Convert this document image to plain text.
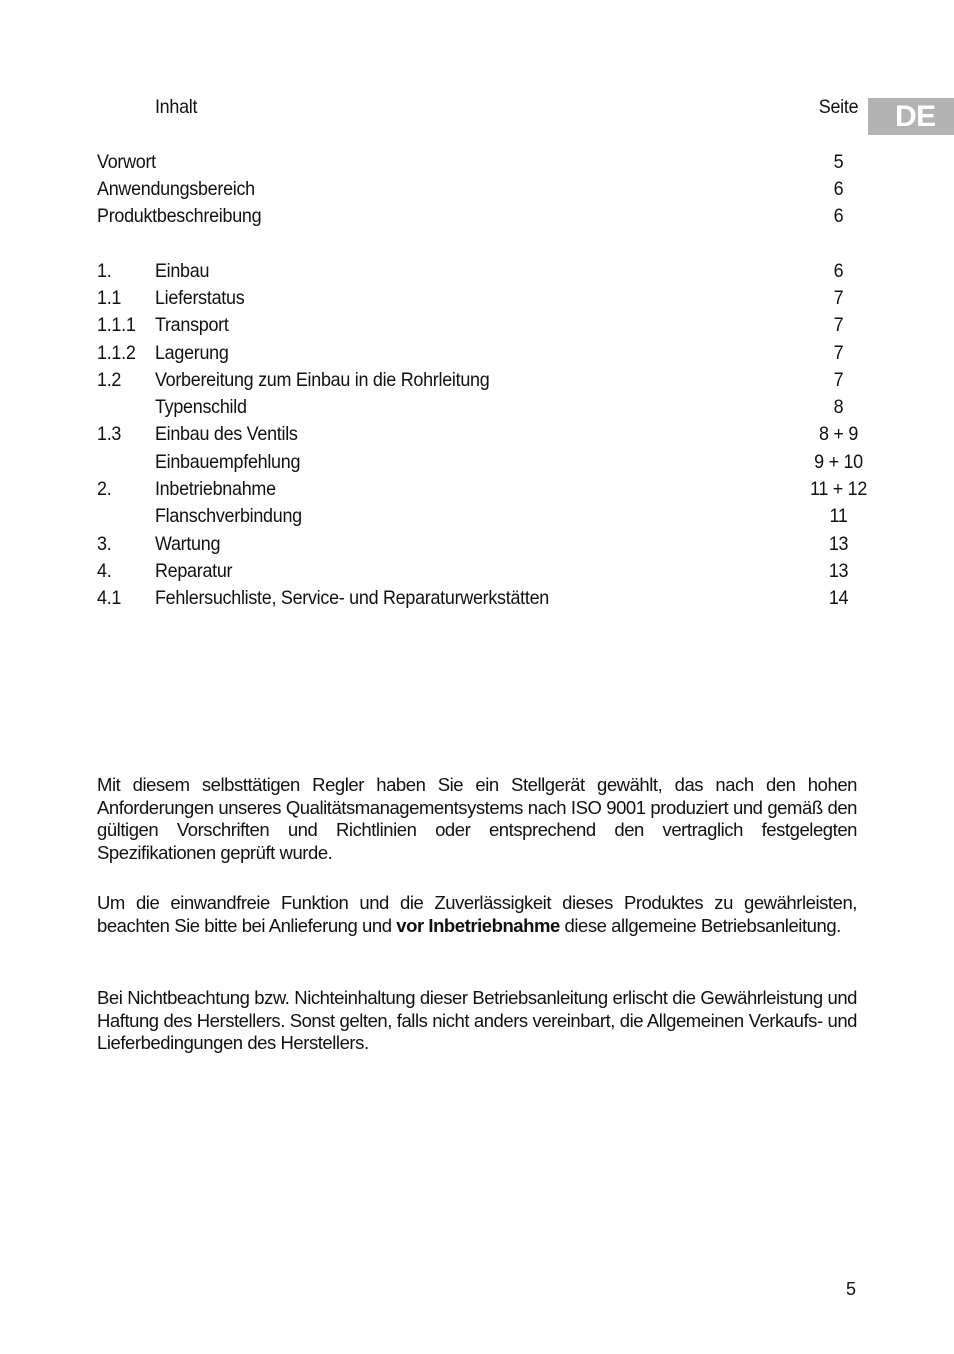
DE
Inhalt	Seite
Vorwort	5
Anwendungsbereich	6
Produktbeschreibung	6
1. Einbau	6
1.1 Lieferstatus	7
1.1.1 Transport	7
1.1.2 Lagerung	7
1.2 Vorbereitung zum Einbau in die Rohrleitung	7
Typenschild	8
1.3 Einbau des Ventils	8 + 9
Einbauempfehlung	9 + 10
2. Inbetriebnahme	11 + 12
Flanschverbindung	11
3. Wartung	13
4. Reparatur	13
4.1 Fehlersuchliste, Service- und Reparaturwerkstätten	14

Mit diesem selbsttätigen Regler haben Sie ein Stellgerät gewählt, das nach den hohen Anforderungen unseres Qualitätsmanagementsystems nach ISO 9001 produziert und gemäß den gültigen Vorschriften und Richtlinien oder entsprechend den vertraglich festgelegten Spezifikationen geprüft wurde.

Um die einwandfreie Funktion und die Zuverlässigkeit dieses Produktes zu gewährleisten, beachten Sie bitte bei Anlieferung und vor Inbetriebnahme diese allgemeine Betriebsanleitung.

Bei Nichtbeachtung bzw. Nichteinhaltung dieser Betriebsanleitung erlischt die Gewährleistung und Haftung des Herstellers. Sonst gelten, falls nicht anders vereinbart, die Allgemeinen Verkaufs- und Lieferbedingungen des Herstellers.

5
